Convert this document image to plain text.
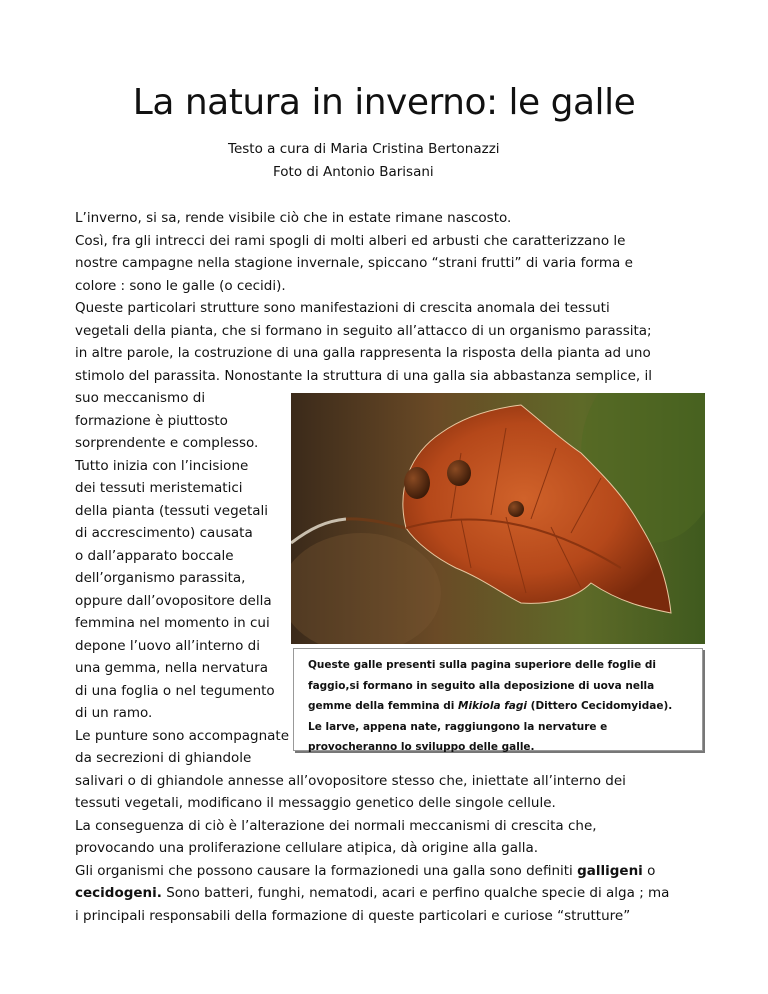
La natura in inverno: le galle
Testo a cura di Maria Cristina Bertonazzi
Foto di Antonio Barisani
L’inverno, si sa, rende visibile ciò che in estate rimane nascosto.
Così, fra gli intrecci dei rami spogli di molti alberi ed arbusti che caratterizzano le
nostre campagne nella stagione invernale, spiccano “strani frutti” di varia forma e
colore : sono le galle (o cecidi).
Queste particolari strutture sono manifestazioni di crescita anomala dei tessuti
vegetali della pianta, che si formano in seguito all’attacco di un organismo parassita;
in altre parole, la costruzione di una galla rappresenta la risposta della pianta ad uno
stimolo del parassita. Nonostante la struttura di una galla sia abbastanza semplice, il
suo meccanismo di
formazione è piuttosto
sorprendente e complesso.
Tutto inizia con l’incisione
dei tessuti meristematici
della pianta (tessuti vegetali
di accrescimento) causata
o dall’apparato boccale
dell’organismo parassita,
oppure dall’ovopositore della
femmina nel momento in cui
depone l’uovo all’interno di
una gemma, nella nervatura
di una foglia o nel tegumento
di un ramo.
Le punture sono accompagnate
da secrezioni di ghiandole
salivari o di ghiandole annesse all’ovopositore stesso che, iniettate all’interno dei
tessuti vegetali, modificano il messaggio genetico delle singole cellule.
La conseguenza di ciò è l’alterazione dei normali meccanismi di crescita che,
provocando una proliferazione cellulare atipica, dà origine alla galla.
Gli organismi che possono causare la formazionedi una galla sono definiti galligeni o
cecidogeni. Sono batteri, funghi, nematodi, acari e perfino qualche specie di alga ; ma
i principali responsabili della formazione di queste particolari e curiose “strutture”
Queste galle presenti sulla pagina superiore delle foglie di
faggio,si formano in seguito alla deposizione di uova nella
gemme della femmina di Mikiola fagi (Dittero Cecidomyidae).
Le larve, appena nate, raggiungono la nervature e
provocheranno lo sviluppo delle galle.
